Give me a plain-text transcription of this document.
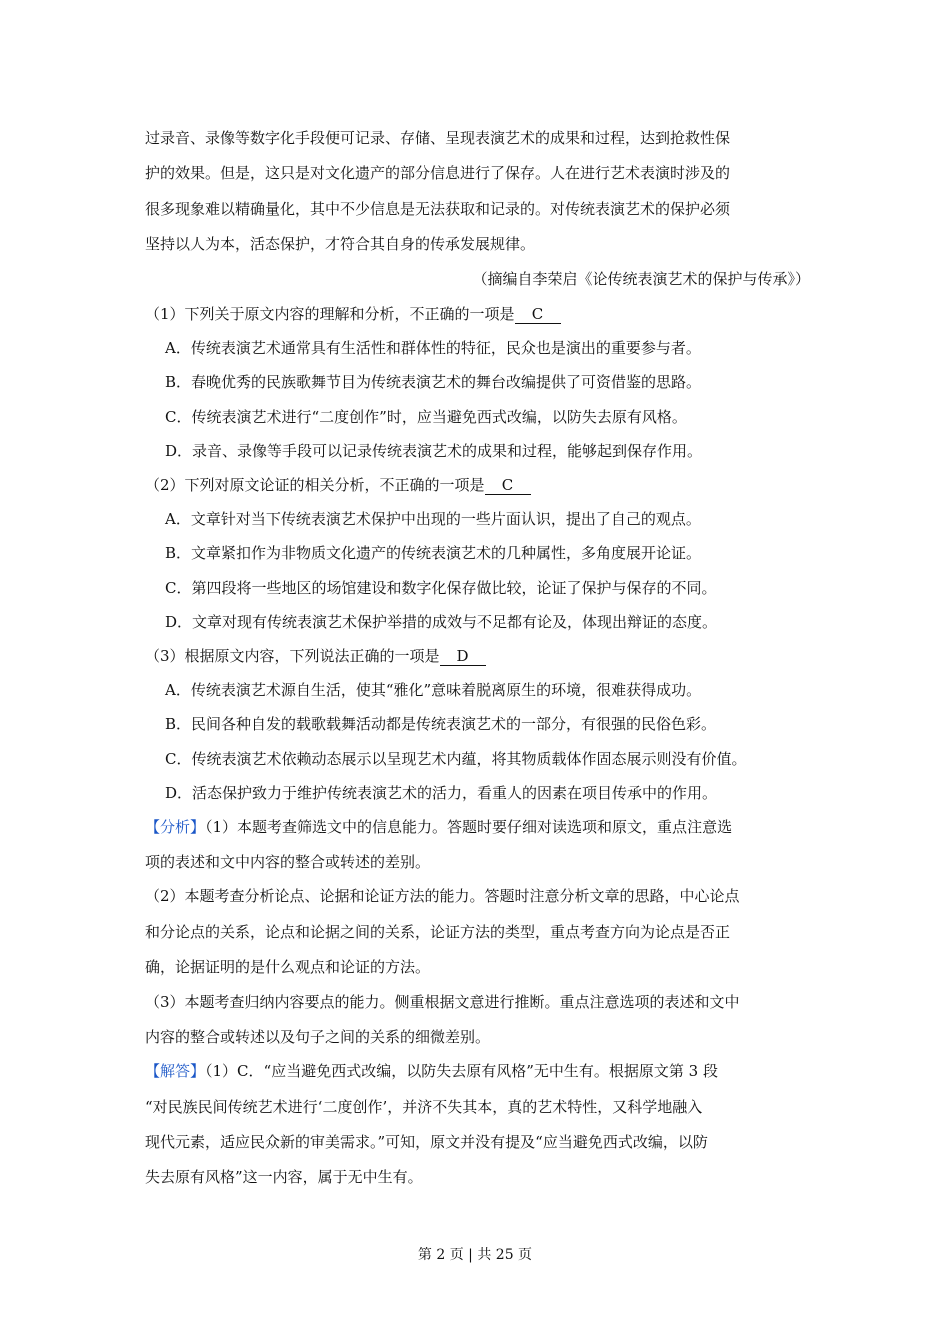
过录音、录像等数字化手段便可记录、存储、呈现表演艺术的成果和过程，达到抢救性保
护的效果。但是，这只是对文化遗产的部分信息进行了保存。人在进行艺术表演时涉及的
很多现象难以精确量化，其中不少信息是无法获取和记录的。对传统表演艺术的保护必须
坚持以人为本，活态保护，才符合其自身的传承发展规律。
（摘编自李荣启《论传统表演艺术的保护与传承》）
（1）下列关于原文内容的理解和分析，不正确的一项是 C
A．传统表演艺术通常具有生活性和群体性的特征，民众也是演出的重要参与者。
B．春晚优秀的民族歌舞节目为传统表演艺术的舞台改编提供了可资借鉴的思路。
C．传统表演艺术进行“二度创作”时，应当避免西式改编，以防失去原有风格。
D．录音、录像等手段可以记录传统表演艺术的成果和过程，能够起到保存作用。
（2）下列对原文论证的相关分析，不正确的一项是 C
A．文章针对当下传统表演艺术保护中出现的一些片面认识，提出了自己的观点。
B．文章紧扣作为非物质文化遗产的传统表演艺术的几种属性，多角度展开论证。
C．第四段将一些地区的场馆建设和数字化保存做比较，论证了保护与保存的不同。
D．文章对现有传统表演艺术保护举措的成效与不足都有论及，体现出辩证的态度。
（3）根据原文内容，下列说法正确的一项是 D
A．传统表演艺术源自生活，使其“雅化”意味着脱离原生的环境，很难获得成功。
B．民间各种自发的载歌载舞活动都是传统表演艺术的一部分，有很强的民俗色彩。
C．传统表演艺术依赖动态展示以呈现艺术内蕴，将其物质载体作固态展示则没有价值。
D．活态保护致力于维护传统表演艺术的活力，看重人的因素在项目传承中的作用。
【分析】（1）本题考查筛选文中的信息能力。答题时要仔细对读选项和原文，重点注意选
项的表述和文中内容的整合或转述的差别。
（2）本题考查分析论点、论据和论证方法的能力。答题时注意分析文章的思路，中心论点
和分论点的关系，论点和论据之间的关系，论证方法的类型，重点考查方向为论点是否正
确，论据证明的是什么观点和论证的方法。
（3）本题考查归纳内容要点的能力。侧重根据文意进行推断。重点注意选项的表述和文中
内容的整合或转述以及句子之间的关系的细微差别。
【解答】（1）C．“应当避免西式改编，以防失去原有风格”无中生有。根据原文第 3 段
“对民族民间传统艺术进行‘二度创作’，并济不失其本，真的艺术特性，又科学地融入
现代元素，适应民众新的审美需求。”可知，原文并没有提及“应当避免西式改编，以防
失去原有风格”这一内容，属于无中生有。
第 2 页 | 共 25 页
